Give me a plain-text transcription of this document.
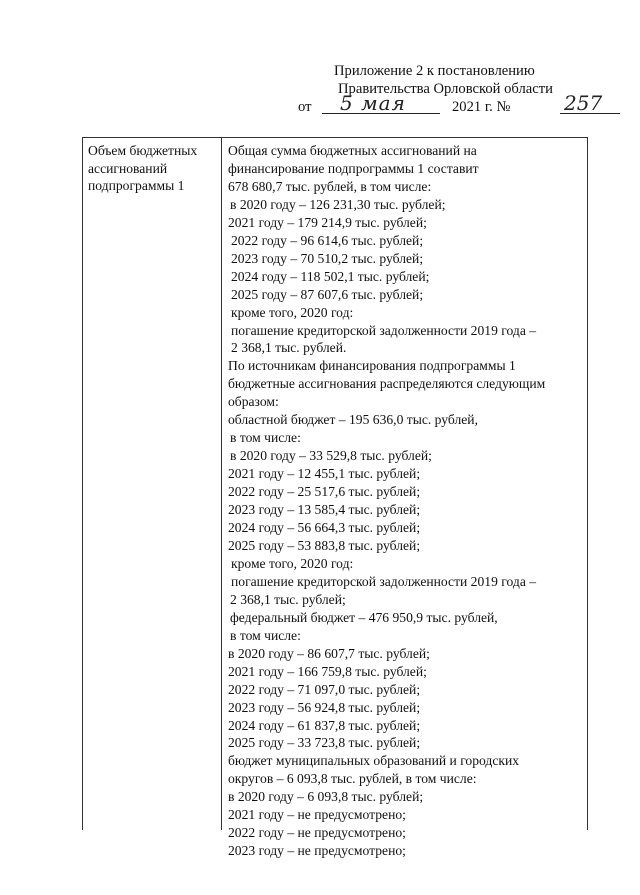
Приложение 2 к постановлению
Правительства Орловской области
от 5 мая	2021 г. №	257
Объем бюджетных
ассигнований
подпрограммы 1
Общая сумма бюджетных ассигнований на
финансирование подпрограммы 1 составит
678 680,7 тыс. рублей, в том числе:
в 2020 году – 126 231,30 тыс. рублей;
2021 году – 179 214,9 тыс. рублей;
2022 году – 96 614,6 тыс. рублей;
2023 году – 70 510,2 тыс. рублей;
2024 году – 118 502,1 тыс. рублей;
2025 году – 87 607,6 тыс. рублей;
кроме того, 2020 год:
погашение кредиторской задолженности 2019 года –
2 368,1 тыс. рублей.
По источникам финансирования подпрограммы 1
бюджетные ассигнования распределяются следующим
образом:
областной бюджет – 195 636,0 тыс. рублей,
в том числе:
в 2020 году – 33 529,8 тыс. рублей;
2021 году – 12 455,1 тыс. рублей;
2022 году – 25 517,6 тыс. рублей;
2023 году – 13 585,4 тыс. рублей;
2024 году – 56 664,3 тыс. рублей;
2025 году – 53 883,8 тыс. рублей;
кроме того, 2020 год:
погашение кредиторской задолженности 2019 года –
2 368,1 тыс. рублей;
федеральный бюджет – 476 950,9 тыс. рублей,
в том числе:
в 2020 году – 86 607,7 тыс. рублей;
2021 году – 166 759,8 тыс. рублей;
2022 году – 71 097,0 тыс. рублей;
2023 году – 56 924,8 тыс. рублей;
2024 году – 61 837,8 тыс. рублей;
2025 году – 33 723,8 тыс. рублей;
бюджет муниципальных образований и городских
округов – 6 093,8 тыс. рублей, в том числе:
в 2020 году – 6 093,8 тыс. рублей;
2021 году – не предусмотрено;
2022 году – не предусмотрено;
2023 году – не предусмотрено;
